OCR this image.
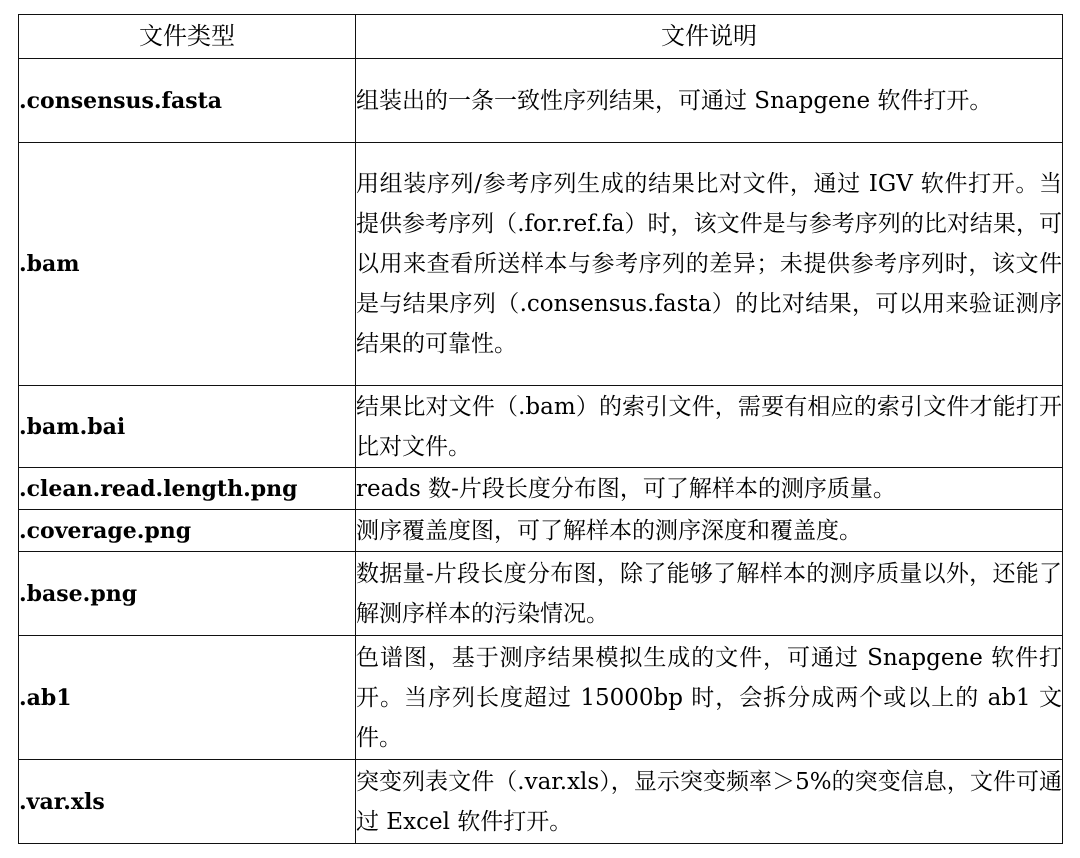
文件类型	文件说明
.consensus.fasta	组装出的一条一致性序列结果，可通过 Snapgene 软件打开。
.bam	用组装序列/参考序列生成的结果比对文件，通过 IGV 软件打开。当提供参考序列（.for.ref.fa）时，该文件是与参考序列的比对结果，可以用来查看所送样本与参考序列的差异；未提供参考序列时，该文件是与结果序列（.consensus.fasta）的比对结果，可以用来验证测序结果的可靠性。
.bam.bai	结果比对文件（.bam）的索引文件，需要有相应的索引文件才能打开比对文件。
.clean.read.length.png	reads 数-片段长度分布图，可了解样本的测序质量。
.coverage.png	测序覆盖度图，可了解样本的测序深度和覆盖度。
.base.png	数据量-片段长度分布图，除了能够了解样本的测序质量以外，还能了解测序样本的污染情况。
.ab1	色谱图，基于测序结果模拟生成的文件，可通过 Snapgene 软件打开。当序列长度超过 15000bp 时，会拆分成两个或以上的 ab1 文件。
.var.xls	突变列表文件（.var.xls），显示突变频率＞5%的突变信息，文件可通过 Excel 软件打开。
